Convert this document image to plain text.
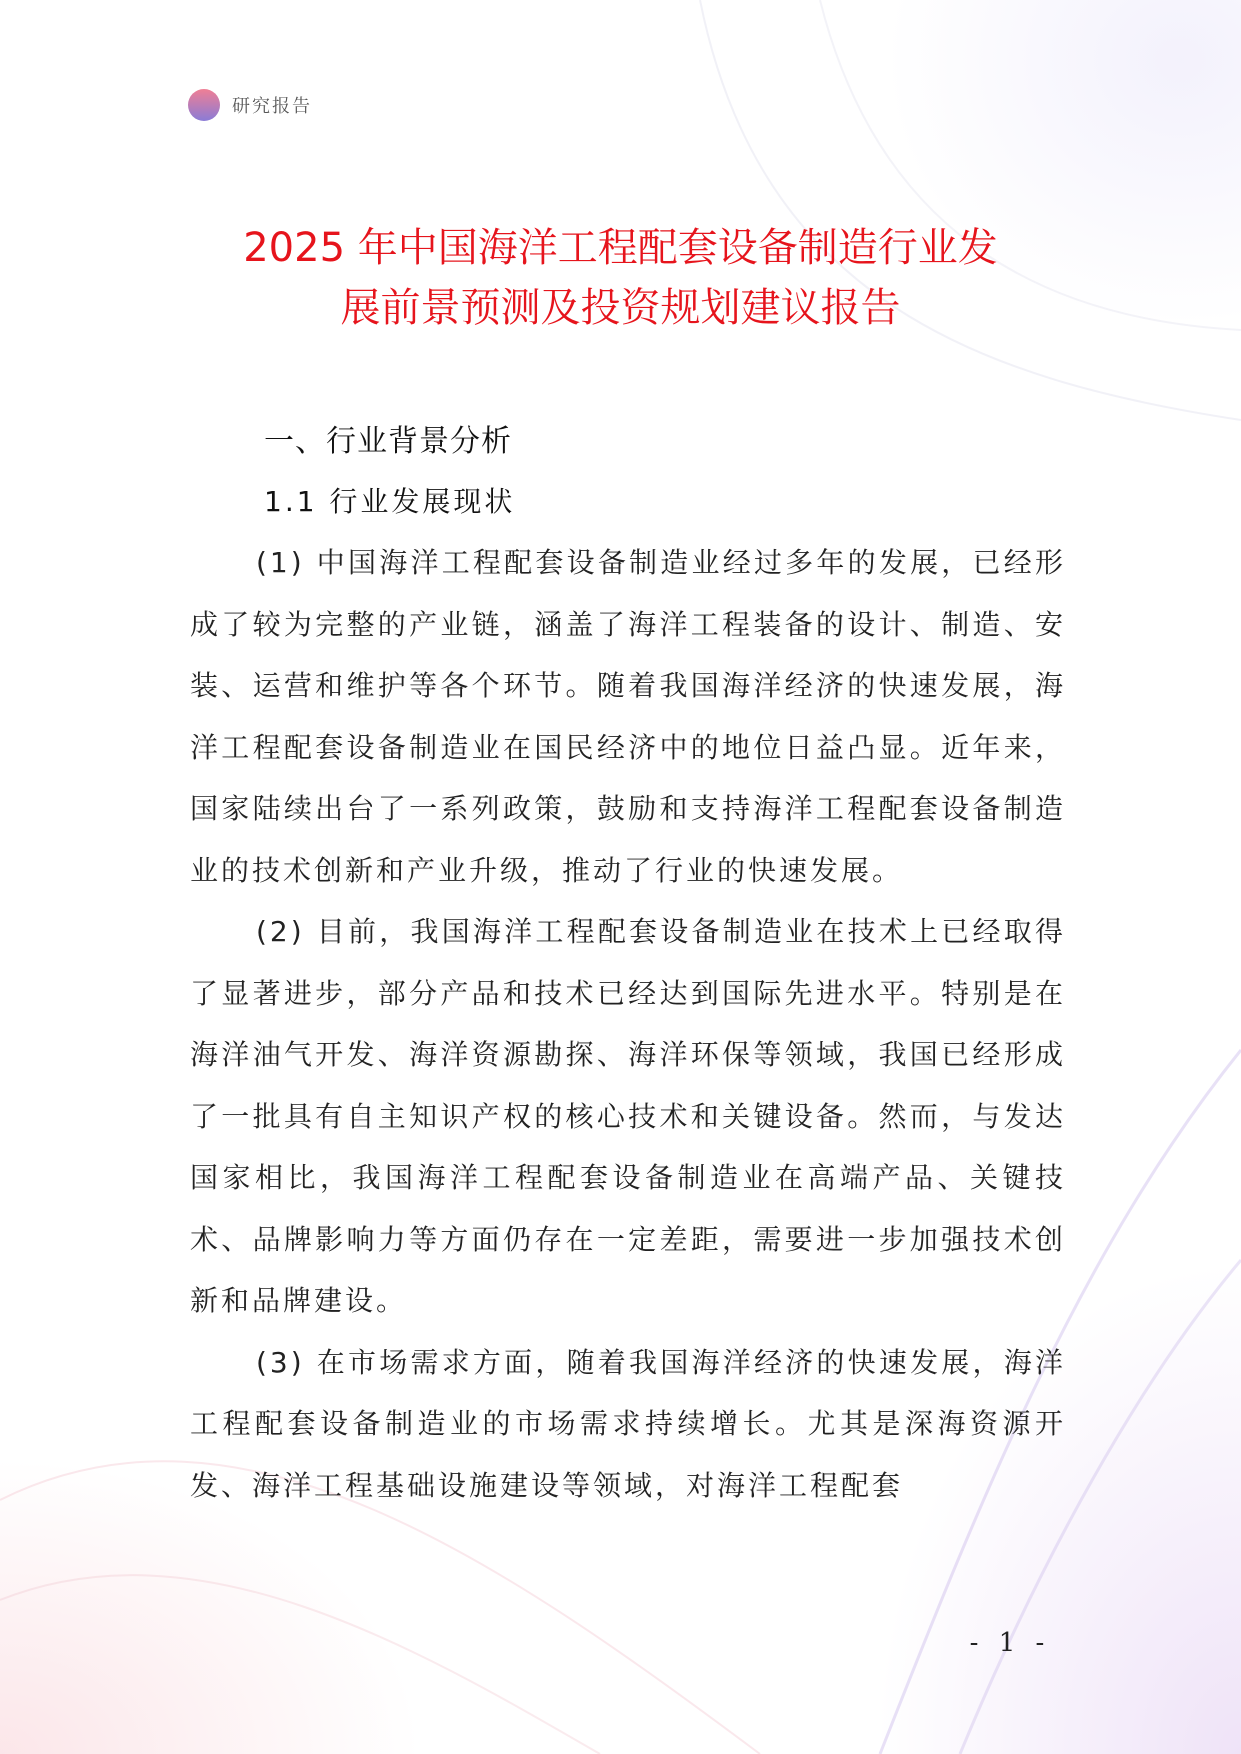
研究报告
2025 年中国海洋工程配套设备制造行业发
展前景预测及投资规划建议报告
一、行业背景分析
1.1 行业发展现状

(1) 中国海洋工程配套设备制造业经过多年的发展，已经形成了较为完整的产业链，涵盖了海洋工程装备的设计、制造、安装、运营和维护等各个环节。随着我国海洋经济的快速发展，海洋工程配套设备制造业在国民经济中的地位日益凸显。近年来，国家陆续出台了一系列政策，鼓励和支持海洋工程配套设备制造业的技术创新和产业升级，推动了行业的快速发展。

(2) 目前，我国海洋工程配套设备制造业在技术上已经取得了显著进步，部分产品和技术已经达到国际先进水平。特别是在海洋油气开发、海洋资源勘探、海洋环保等领域，我国已经形成了一批具有自主知识产权的核心技术和关键设备。然而，与发达国家相比，我国海洋工程配套设备制造业在高端产品、关键技术、品牌影响力等方面仍存在一定差距，需要进一步加强技术创新和品牌建设。

(3) 在市场需求方面，随着我国海洋经济的快速发展，海洋工程配套设备制造业的市场需求持续增长。尤其是深海资源开发、海洋工程基础设施建设等领域，对海洋工程配套

- 1 -
